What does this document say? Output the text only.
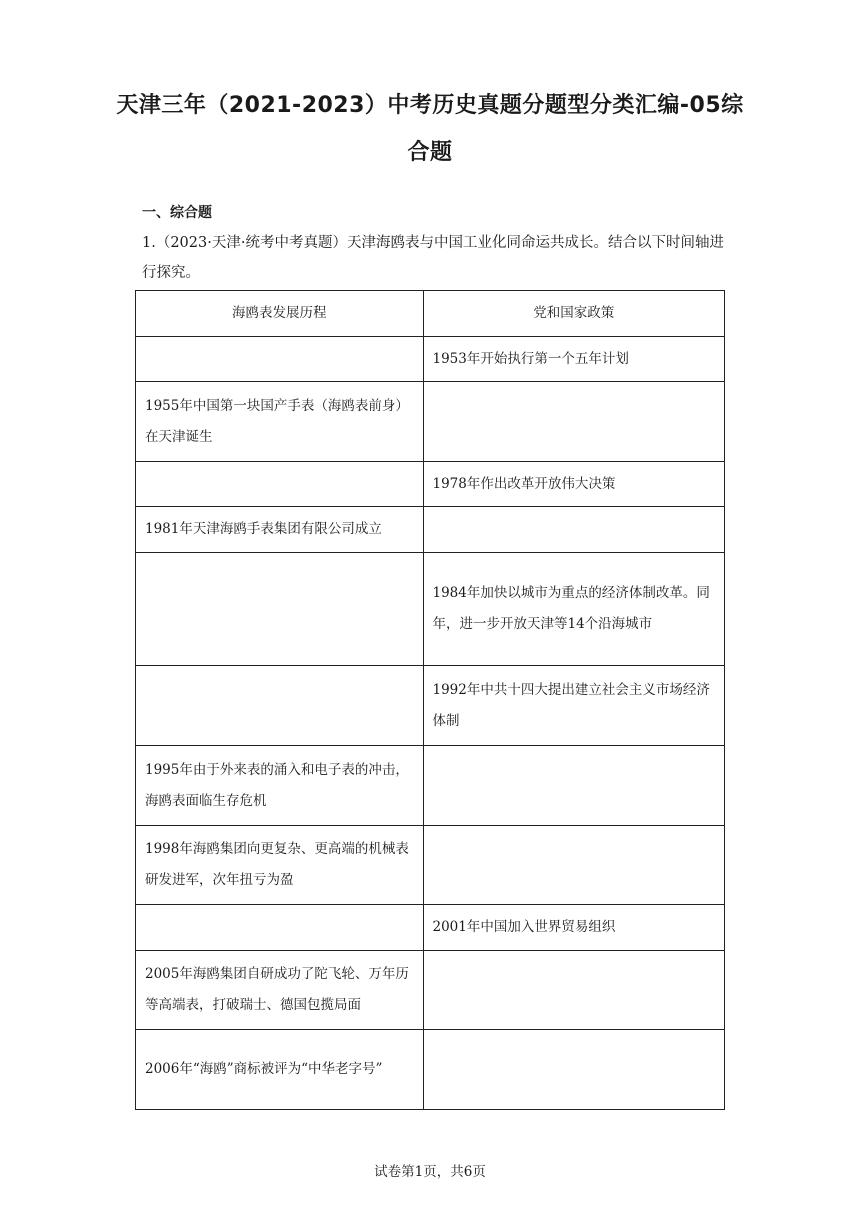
天津三年（2021-2023）中考历史真题分题型分类汇编-05综合题
一、综合题
1.（2023·天津·统考中考真题）天津海鸥表与中国工业化同命运共成长。结合以下时间轴进行探究。
海鸥表发展历程	党和国家政策
	1953年开始执行第一个五年计划
1955年中国第一块国产手表（海鸥表前身）在天津诞生	
	1978年作出改革开放伟大决策
1981年天津海鸥手表集团有限公司成立	
	1984年加快以城市为重点的经济体制改革。同年，进一步开放天津等14个沿海城市
	1992年中共十四大提出建立社会主义市场经济体制
1995年由于外来表的涌入和电子表的冲击，海鸥表面临生存危机	
1998年海鸥集团向更复杂、更高端的机械表研发进军，次年扭亏为盈	
	2001年中国加入世界贸易组织
2005年海鸥集团自研成功了陀飞轮、万年历等高端表，打破瑞士、德国包揽局面	
2006年“海鸥”商标被评为“中华老字号”	
试卷第1页，共6页
